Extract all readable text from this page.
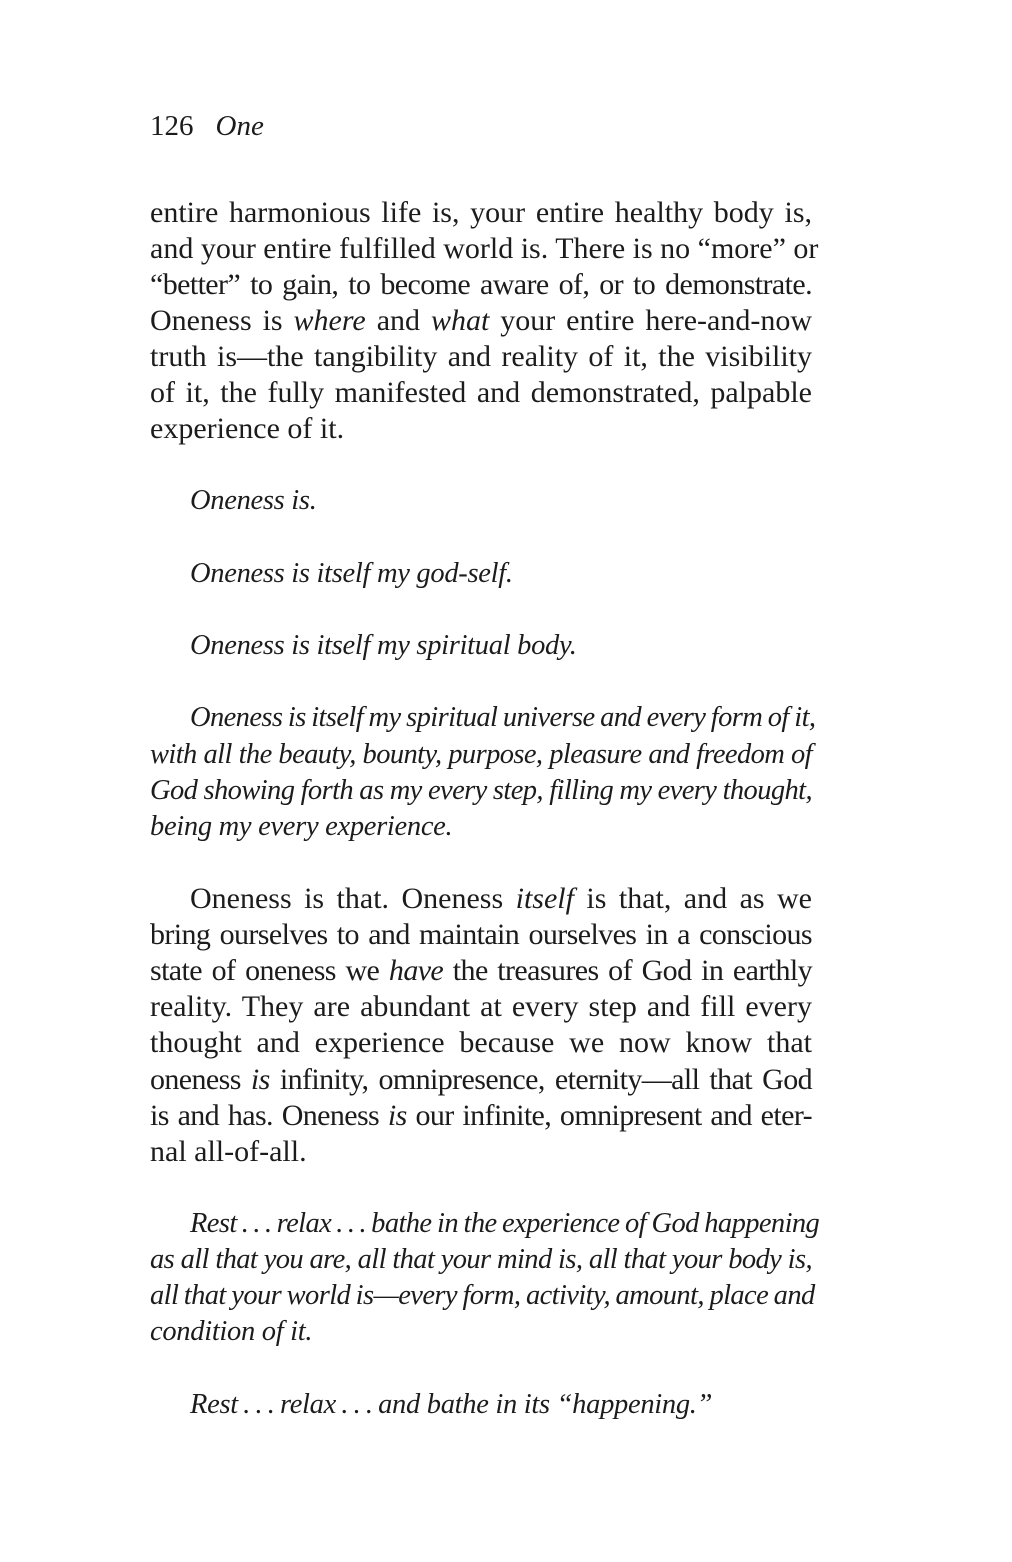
126 One
entire harmonious life is, your entire healthy body is,
and your entire fulfilled world is. There is no “more” or
“better” to gain, to become aware of, or to demonstrate.
Oneness is where and what your entire here-and-now
truth is—the tangibility and reality of it, the visibility
of it, the fully manifested and demonstrated, palpable
experience of it.
Oneness is.
Oneness is itself my god-self.
Oneness is itself my spiritual body.
Oneness is itself my spiritual universe and every form of it,
with all the beauty, bounty, purpose, pleasure and freedom of
God showing forth as my every step, filling my every thought,
being my every experience.
Oneness is that. Oneness itself is that, and as we
bring ourselves to and maintain ourselves in a conscious
state of oneness we have the treasures of God in earthly
reality. They are abundant at every step and fill every
thought and experience because we now know that
oneness is infinity, omnipresence, eternity—all that God
is and has. Oneness is our infinite, omnipresent and eter-
nal all-of-all.
Rest . . . relax . . . bathe in the experience of God happening
as all that you are, all that your mind is, all that your body is,
all that your world is—every form, activity, amount, place and
condition of it.
Rest . . . relax . . . and bathe in its “happening.”
